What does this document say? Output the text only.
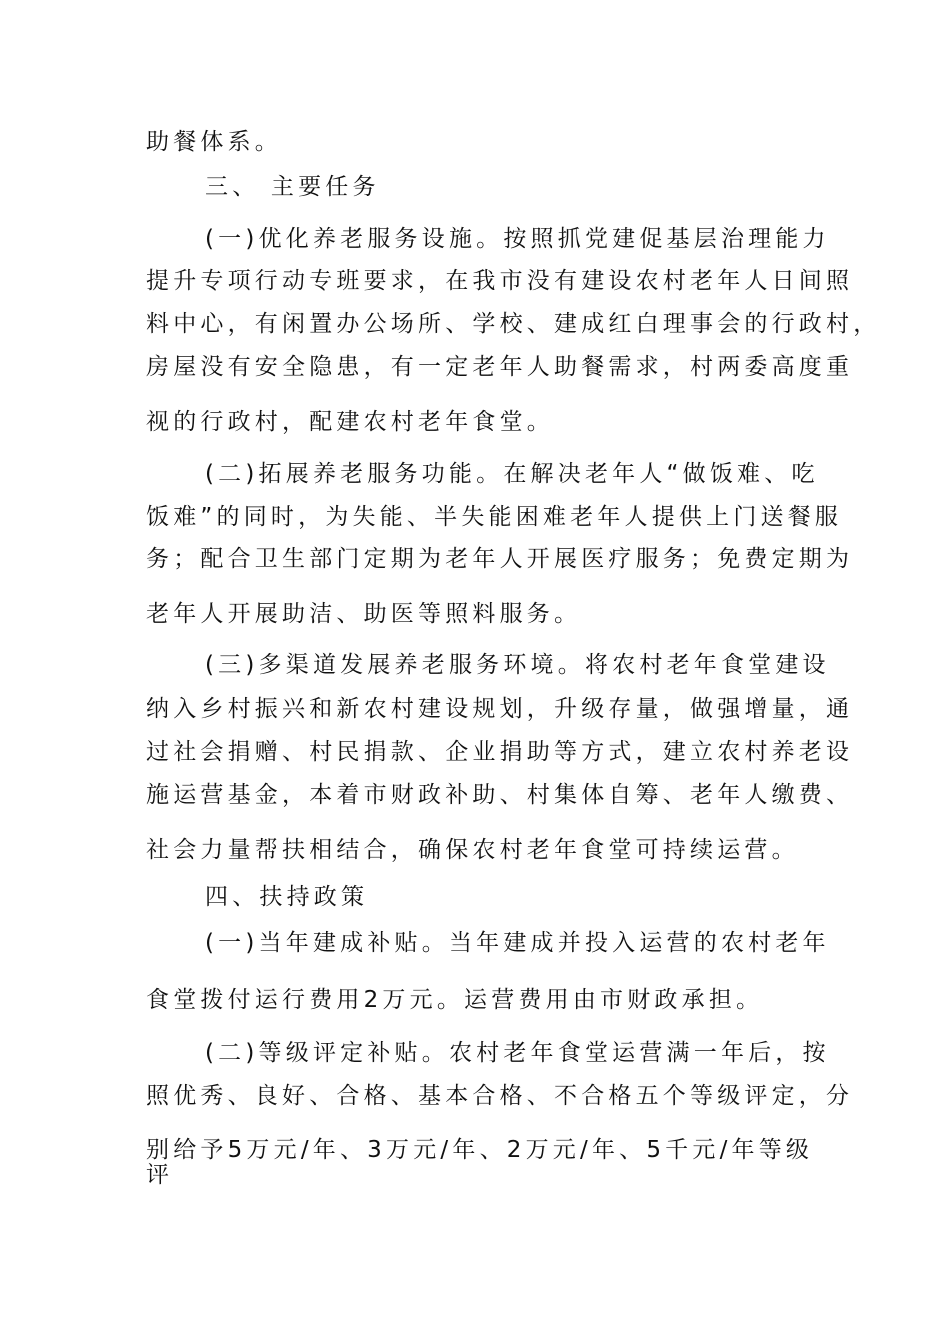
助餐体系。
三、 主要任务
(一)优化养老服务设施。按照抓党建促基层治理能力
提升专项行动专班要求，在我市没有建设农村老年人日间照
料中心，有闲置办公场所、学校、建成红白理事会的行政村，
房屋没有安全隐患，有一定老年人助餐需求，村两委高度重
视的行政村，配建农村老年食堂。
(二)拓展养老服务功能。在解决老年人“做饭难、吃
饭难”的同时，为失能、半失能困难老年人提供上门送餐服
务；配合卫生部门定期为老年人开展医疗服务；免费定期为
老年人开展助洁、助医等照料服务。
(三)多渠道发展养老服务环境。将农村老年食堂建设
纳入乡村振兴和新农村建设规划，升级存量，做强增量，通
过社会捐赠、村民捐款、企业捐助等方式，建立农村养老设
施运营基金，本着市财政补助、村集体自筹、老年人缴费、
社会力量帮扶相结合，确保农村老年食堂可持续运营。
四、扶持政策
(一)当年建成补贴。当年建成并投入运营的农村老年
食堂拨付运行费用2万元。运营费用由市财政承担。
(二)等级评定补贴。农村老年食堂运营满一年后，按
照优秀、良好、合格、基本合格、不合格五个等级评定，分
别给予5万元/年、3万元/年、2万元/年、5千元/年等级
评
